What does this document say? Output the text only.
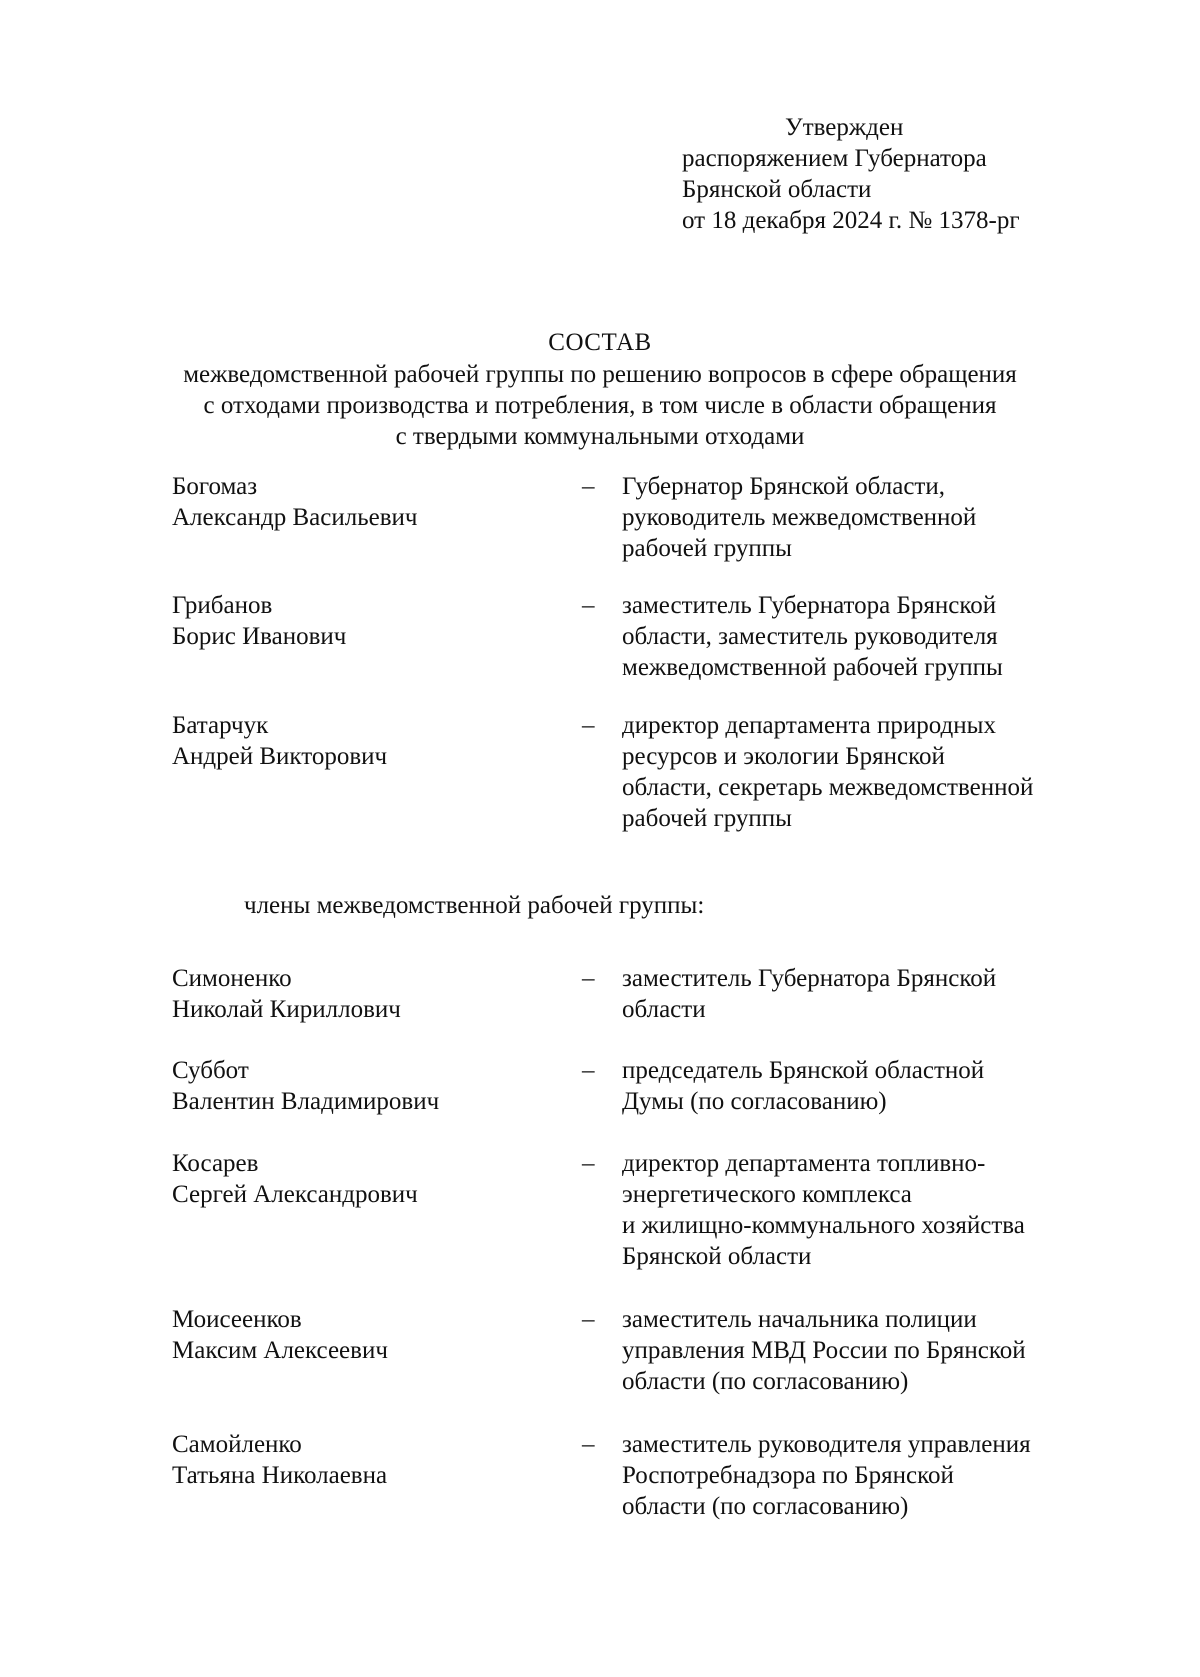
Утвержден
распоряжением Губернатора
Брянской области
от 18 декабря 2024 г. № 1378-рг
СОСТАВ
межведомственной рабочей группы по решению вопросов в сфере обращения
с отходами производства и потребления, в том числе в области обращения
с твердыми коммунальными отходами
Богомаз
Александр Васильевич
– Губернатор Брянской области,
руководитель межведомственной
рабочей группы
Грибанов
Борис Иванович
– заместитель Губернатора Брянской
области, заместитель руководителя
межведомственной рабочей группы
Батарчук
Андрей Викторович
– директор департамента природных
ресурсов и экологии Брянской
области, секретарь межведомственной
рабочей группы
члены межведомственной рабочей группы:
Симоненко
Николай Кириллович
– заместитель Губернатора Брянской
области
Суббот
Валентин Владимирович
– председатель Брянской областной
Думы (по согласованию)
Косарев
Сергей Александрович
– директор департамента топливно-
энергетического комплекса
и жилищно-коммунального хозяйства
Брянской области
Моисеенков
Максим Алексеевич
– заместитель начальника полиции
управления МВД России по Брянской
области (по согласованию)
Самойленко
Татьяна Николаевна
– заместитель руководителя управления
Роспотребнадзора по Брянской
области (по согласованию)
